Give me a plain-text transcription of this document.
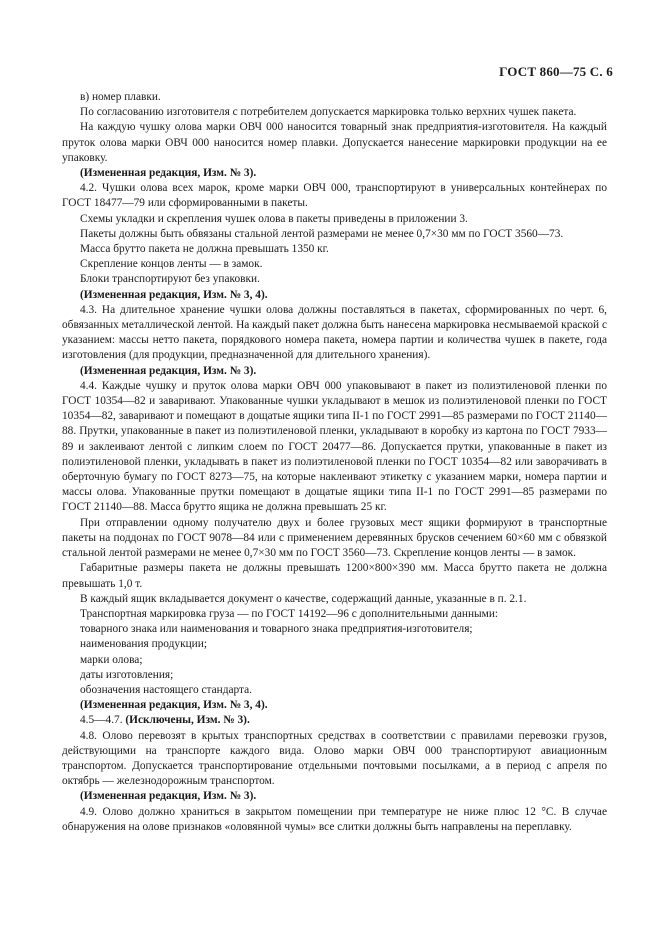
ГОСТ 860—75 С. 6

в) номер плавки.

По согласованию изготовителя с потребителем допускается маркировка только верхних чушек пакета.

На каждую чушку олова марки ОВЧ 000 наносится товарный знак предприятия-изготовителя. На каждый пруток олова марки ОВЧ 000 наносится номер плавки. Допускается нанесение маркировки продукции на ее упаковку.

(Измененная редакция, Изм. № 3).

4.2. Чушки олова всех марок, кроме марки ОВЧ 000, транспортируют в универсальных контейнерах по ГОСТ 18477—79 или сформированными в пакеты.

Схемы укладки и скрепления чушек олова в пакеты приведены в приложении 3.

Пакеты должны быть обвязаны стальной лентой размерами не менее 0,7×30 мм по ГОСТ 3560—73.

Масса брутто пакета не должна превышать 1350 кг.

Скрепление концов ленты — в замок.

Блоки транспортируют без упаковки.

(Измененная редакция, Изм. № 3, 4).

4.3. На длительное хранение чушки олова должны поставляться в пакетах, сформированных по черт. 6, обвязанных металлической лентой. На каждый пакет должна быть нанесена маркировка несмываемой краской с указанием: массы нетто пакета, порядкового номера пакета, номера партии и количества чушек в пакете, года изготовления (для продукции, предназначенной для длительного хранения).

(Измененная редакция, Изм. № 3).

4.4. Каждые чушку и пруток олова марки ОВЧ 000 упаковывают в пакет из полиэтиленовой пленки по ГОСТ 10354—82 и заваривают. Упакованные чушки укладывают в мешок из полиэтиленовой пленки по ГОСТ 10354—82, заваривают и помещают в дощатые ящики типа II-1 по ГОСТ 2991—85 размерами по ГОСТ 21140—88. Прутки, упакованные в пакет из полиэтиленовой пленки, укладывают в коробку из картона по ГОСТ 7933—89 и заклеивают лентой с липким слоем по ГОСТ 20477—86. Допускается прутки, упакованные в пакет из полиэтиленовой пленки, укладывать в пакет из полиэтиленовой пленки по ГОСТ 10354—82 или заворачивать в оберточную бумагу по ГОСТ 8273—75, на которые наклеивают этикетку с указанием марки, номера партии и массы олова. Упакованные прутки помещают в дощатые ящики типа II-1 по ГОСТ 2991—85 размерами по ГОСТ 21140—88. Масса брутто ящика не должна превышать 25 кг.

При отправлении одному получателю двух и более грузовых мест ящики формируют в транспортные пакеты на поддонах по ГОСТ 9078—84 или с применением деревянных брусков сечением 60×60 мм с обвязкой стальной лентой размерами не менее 0,7×30 мм по ГОСТ 3560—73. Скрепление концов ленты — в замок.

Габаритные размеры пакета не должны превышать 1200×800×390 мм. Масса брутто пакета не должна превышать 1,0 т.

В каждый ящик вкладывается документ о качестве, содержащий данные, указанные в п. 2.1.

Транспортная маркировка груза — по ГОСТ 14192—96 с дополнительными данными:

товарного знака или наименования и товарного знака предприятия-изготовителя;

наименования продукции;

марки олова;

даты изготовления;

обозначения настоящего стандарта.

(Измененная редакция, Изм. № 3, 4).

4.5—4.7. (Исключены, Изм. № 3).

4.8. Олово перевозят в крытых транспортных средствах в соответствии с правилами перевозки грузов, действующими на транспорте каждого вида. Олово марки ОВЧ 000 транспортируют авиационным транспортом. Допускается транспортирование отдельными почтовыми посылками, а в период с апреля по октябрь — железнодорожным транспортом.

(Измененная редакция, Изм. № 3).

4.9. Олово должно храниться в закрытом помещении при температуре не ниже плюс 12 °С. В случае обнаружения на олове признаков «оловянной чумы» все слитки должны быть направлены на переплавку.
